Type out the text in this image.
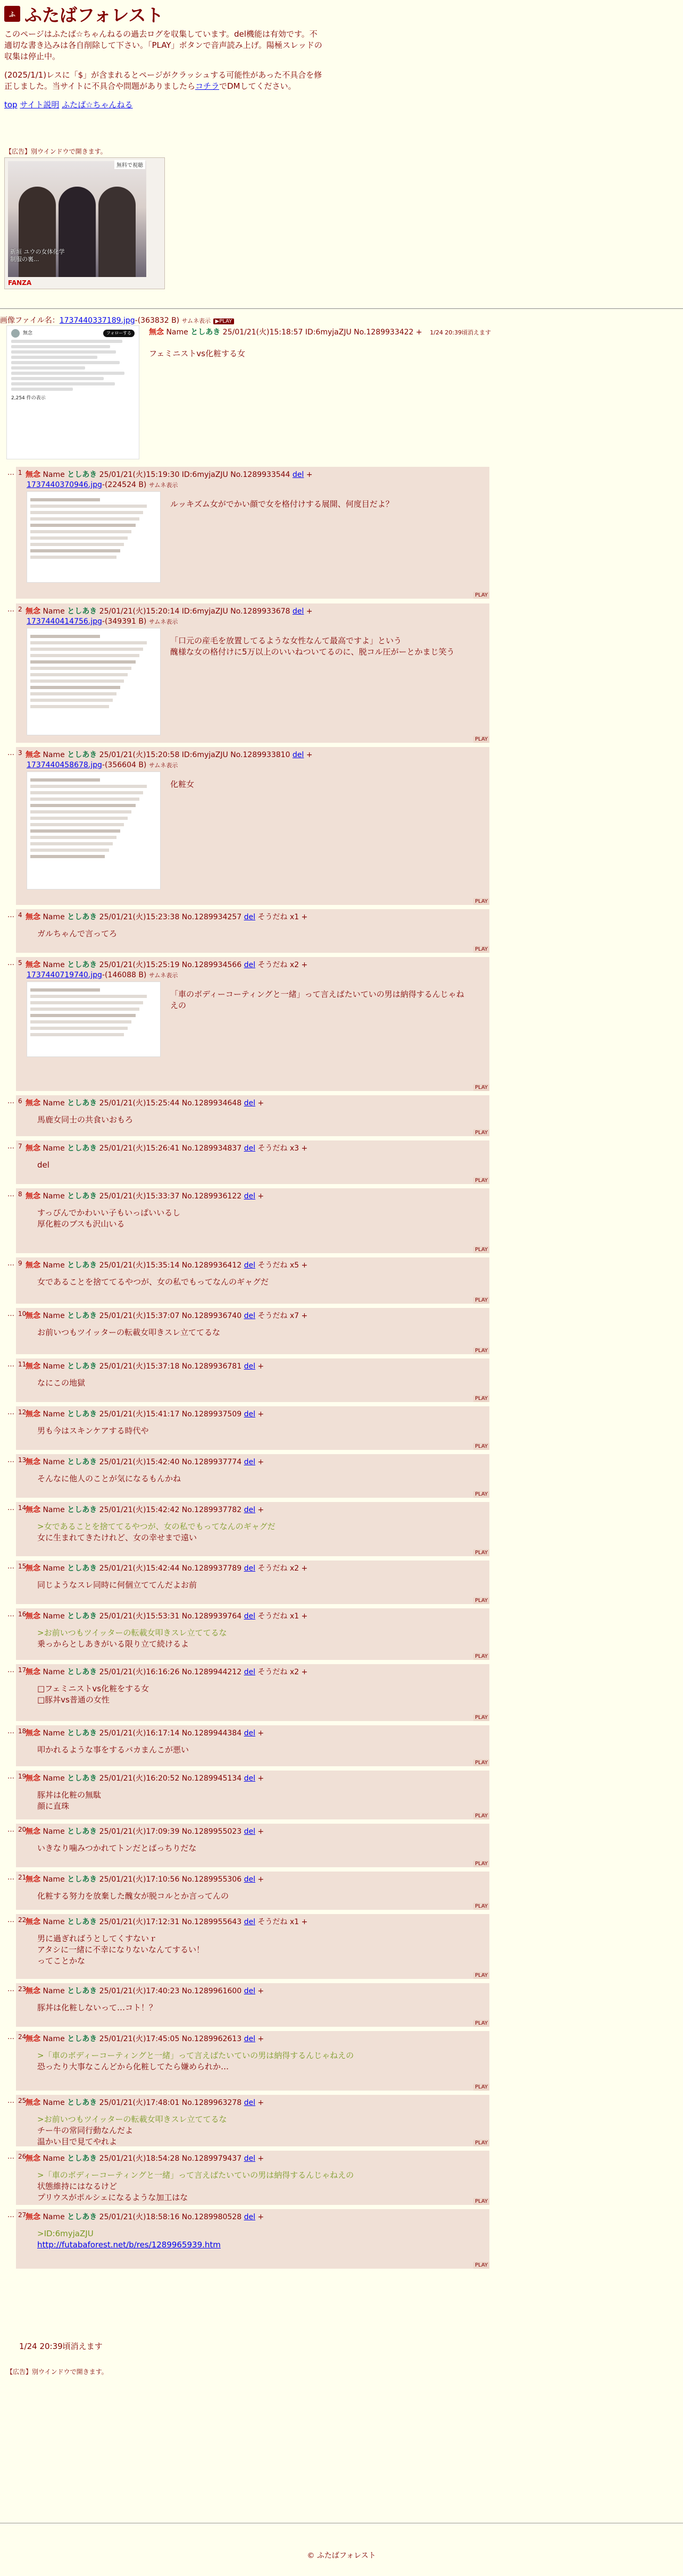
ふ ふたばフォレスト

このページはふたば☆ちゃんねるの過去ログを収集しています。del機能は有効です。不適切な書き込みは各自削除して下さい。「PLAY」ボタンで音声読み上げ。陽極スレッドの収集は停止中。

(2025/1/1)レスに「$」が含まれるとページがクラッシュする可能性があった不具合を修正しました。当サイトに不具合や問題がありましたらコチラでDMしてください。

top サイト説明 ふたば☆ちゃんねる

【広告】別ウインドウで開きます。
無料で視聴
新垣 ユウの女体化学
制服の裏...
FANZA
画像ファイル名：1737440337189.jpg-(363832 B) サムネ表示 ▶PLAY
無念	フォローする
2,254 件の表示
無念 Name としあき 25/01/21(火)15:18:57 ID:6myjaZJU No.1289933422 + 1/24 20:39頃消えます
フェミニストvs化粧する女
… 1 無念 Name としあき 25/01/21(火)15:19:30 ID:6myjaZJU No.1289933544 del +
1737440370946.jpg-(224524 B) サムネ表示
ルッキズム女がでかい顔で女を格付けする展開、何度目だよ？
PLAY
… 2 無念 Name としあき 25/01/21(火)15:20:14 ID:6myjaZJU No.1289933678 del +
1737440414756.jpg-(349391 B) サムネ表示
「口元の産毛を放置してるような女性なんて最高ですよ」という
醜様な女の格付けに5万以上のいいねついてるのに、脱コル圧がーとかまじ笑う
PLAY
… 3 無念 Name としあき 25/01/21(火)15:20:58 ID:6myjaZJU No.1289933810 del +
1737440458678.jpg-(356604 B) サムネ表示
化粧女
PLAY
… 4 無念 Name としあき 25/01/21(火)15:23:38 No.1289934257 del そうだね x1 +
ガルちゃんで言ってろ
PLAY
… 5 無念 Name としあき 25/01/21(火)15:25:19 No.1289934566 del そうだね x2 +
1737440719740.jpg-(146088 B) サムネ表示
「車のボディーコーティングと一緒」って言えばたいていの男は納得するんじゃねえの
PLAY
… 6 無念 Name としあき 25/01/21(火)15:25:44 No.1289934648 del +
馬鹿女同士の共食いおもろ
PLAY
… 7 無念 Name としあき 25/01/21(火)15:26:41 No.1289934837 del そうだね x3 +
del
PLAY
… 8 無念 Name としあき 25/01/21(火)15:33:37 No.1289936122 del +
すっぴんでかわいい子もいっぱいいるし
厚化粧のブスも沢山いる
PLAY
… 9 無念 Name としあき 25/01/21(火)15:35:14 No.1289936412 del そうだね x5 +
女であることを捨ててるやつが、女の私でもってなんのギャグだ
PLAY
… 10
無念 Name としあき 25/01/21(火)15:37:07 No.1289936740 del そうだね x7 +
お前いつもツイッターの転載女叩きスレ立ててるな
PLAY
… 11
無念 Name としあき 25/01/21(火)15:37:18 No.1289936781 del +
なにこの地獄
PLAY
… 12
無念 Name としあき 25/01/21(火)15:41:17 No.1289937509 del +
男も今はスキンケアする時代や
PLAY
… 13
無念 Name としあき 25/01/21(火)15:42:40 No.1289937774 del +
そんなに他人のことが気になるもんかね
PLAY
… 14
無念 Name としあき 25/01/21(火)15:42:42 No.1289937782 del +
>女であることを捨ててるやつが、女の私でもってなんのギャグだ
女に生まれてきたけれど、女の幸せまで遠い
PLAY
… 15
無念 Name としあき 25/01/21(火)15:42:44 No.1289937789 del そうだね x2 +
同じようなスレ同時に何個立ててんだよお前
PLAY
… 16
無念 Name としあき 25/01/21(火)15:53:31 No.1289939764 del そうだね x1 +
>お前いつもツイッターの転載女叩きスレ立ててるな
乗っからとしあきがいる限り立て続けるよ
PLAY
… 17
無念 Name としあき 25/01/21(火)16:16:26 No.1289944212 del そうだね x2 +
□フェミニストvs化粧をする女
□豚丼vs普通の女性
PLAY
… 18
無念 Name としあき 25/01/21(火)16:17:14 No.1289944384 del +
叩かれるような事をするバカまんこが悪い
PLAY
… 19
無念 Name としあき 25/01/21(火)16:20:52 No.1289945134 del +
豚丼は化粧の無駄
顔に直珠
PLAY
… 20
無念 Name としあき 25/01/21(火)17:09:39 No.1289955023 del +
いきなり噛みつかれてトンだとばっちりだな
PLAY
… 21
無念 Name としあき 25/01/21(火)17:10:56 No.1289955306 del +
化粧する努力を放棄した醜女が脱コルとか言ってんの
PLAY
… 22
無念 Name としあき 25/01/21(火)17:12:31 No.1289955643 del そうだね x1 +
男に過ぎればうとしてくすないｒ
アタシに一緒に不幸になりないなんてするい！
ってことかな
PLAY
… 23
無念 Name としあき 25/01/21(火)17:40:23 No.1289961600 del +
豚丼は化粧しないって…コト！？
PLAY
… 24
無念 Name としあき 25/01/21(火)17:45:05 No.1289962613 del +
>「車のボディーコーティングと一緒」って言えばたいていの男は納得するんじゃねえの
恐ったり大事なこんどから化粧してたら嫌められか…
PLAY
… 25
無念 Name としあき 25/01/21(火)17:48:01 No.1289963278 del +
>お前いつもツイッターの転載女叩きスレ立ててるな
チー牛の常同行動なんだよ
温かい目で見てやれよ	PLAY
… 26
無念 Name としあき 25/01/21(火)18:54:28 No.1289979437 del +
>「車のボディーコーティングと一緒」って言えばたいていの男は納得するんじゃねえの
状態維持にはなるけど
プリウスがポルシェになるような加工はな	PLAY
… 27
無念 Name としあき 25/01/21(火)18:58:16 No.1289980528 del +
>ID:6myjaZJU
http://futabaforest.net/b/res/1289965939.htm
PLAY
1/24 20:39頃消えます
【広告】別ウインドウで開きます。
© ふたばフォレスト
